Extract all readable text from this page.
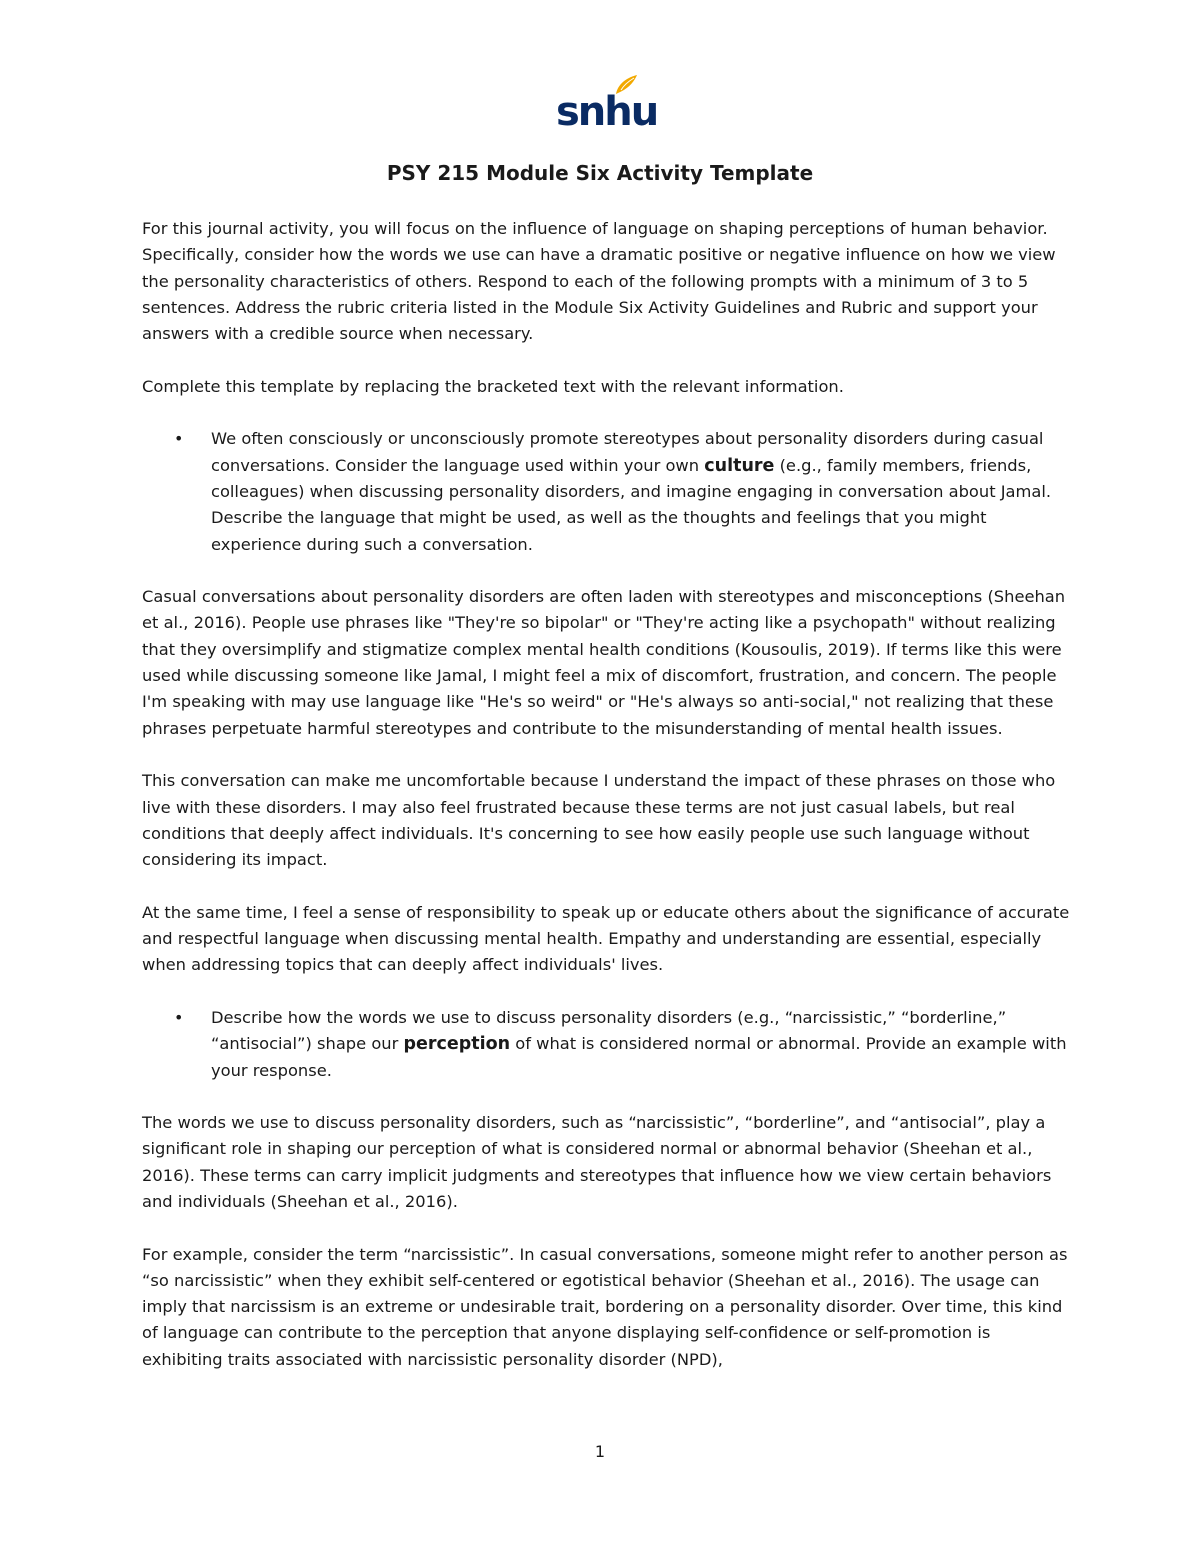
snhu
PSY 215 Module Six Activity Template

For this journal activity, you will focus on the influence of language on shaping perceptions of human behavior. Specifically, consider how the words we use can have a dramatic positive or negative influence on how we view the personality characteristics of others. Respond to each of the following prompts with a minimum of 3 to 5 sentences. Address the rubric criteria listed in the Module Six Activity Guidelines and Rubric and support your answers with a credible source when necessary.

Complete this template by replacing the bracketed text with the relevant information.

• We often consciously or unconsciously promote stereotypes about personality disorders during casual conversations. Consider the language used within your own culture (e.g., family members, friends, colleagues) when discussing personality disorders, and imagine engaging in conversation about Jamal. Describe the language that might be used, as well as the thoughts and feelings that you might experience during such a conversation.

Casual conversations about personality disorders are often laden with stereotypes and misconceptions (Sheehan et al., 2016). People use phrases like "They're so bipolar" or "They're acting like a psychopath" without realizing that they oversimplify and stigmatize complex mental health conditions (Kousoulis, 2019). If terms like this were used while discussing someone like Jamal, I might feel a mix of discomfort, frustration, and concern. The people I'm speaking with may use language like "He's so weird" or "He's always so anti-social," not realizing that these phrases perpetuate harmful stereotypes and contribute to the misunderstanding of mental health issues.

This conversation can make me uncomfortable because I understand the impact of these phrases on those who live with these disorders. I may also feel frustrated because these terms are not just casual labels, but real conditions that deeply affect individuals. It's concerning to see how easily people use such language without considering its impact.

At the same time, I feel a sense of responsibility to speak up or educate others about the significance of accurate and respectful language when discussing mental health. Empathy and understanding are essential, especially when addressing topics that can deeply affect individuals' lives.

• Describe how the words we use to discuss personality disorders (e.g., “narcissistic,” “borderline,” “antisocial”) shape our perception of what is considered normal or abnormal. Provide an example with your response.

The words we use to discuss personality disorders, such as “narcissistic”, “borderline”, and “antisocial”, play a significant role in shaping our perception of what is considered normal or abnormal behavior (Sheehan et al., 2016). These terms can carry implicit judgments and stereotypes that influence how we view certain behaviors and individuals (Sheehan et al., 2016).

For example, consider the term “narcissistic”. In casual conversations, someone might refer to another person as “so narcissistic” when they exhibit self-centered or egotistical behavior (Sheehan et al., 2016). The usage can imply that narcissism is an extreme or undesirable trait, bordering on a personality disorder. Over time, this kind of language can contribute to the perception that anyone displaying self-confidence or self-promotion is exhibiting traits associated with narcissistic personality disorder (NPD),

1
